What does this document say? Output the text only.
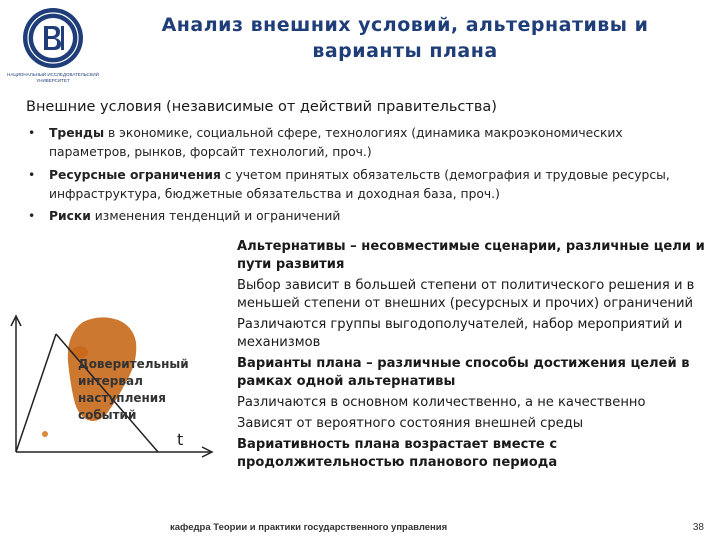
НАЦИОНАЛЬНЫЙ ИССЛЕДОВАТЕЛЬСКИЙ
УНИВЕРСИТЕТ
Анализ внешних условий, альтернативы и варианты плана
Внешние условия (независимые от действий правительства)
• Тренды в экономике, социальной сфере, технологиях (динамика макроэкономических параметров, рынков, форсайт технологий, проч.)
• Ресурсные ограничения с учетом принятых обязательств (демография и трудовые ресурсы, инфраструктура, бюджетные обязательства и доходная база, проч.)
• Риски изменения тенденций и ограничений
Доверительный интервал наступления событий
t

Альтернативы – несовместимые сценарии, различные цели и пути развития

Выбор зависит в большей степени от политического решения и в меньшей степени от внешних (ресурсных и прочих) ограничений

Различаются группы выгодополучателей, набор мероприятий и механизмов

Варианты плана – различные способы достижения целей в рамках одной альтернативы

Различаются в основном количественно, а не качественно

Зависят от вероятного состояния внешней среды

Вариативность плана возрастает вместе с продолжительностью планового периода

кафедра Теории и практики государственного управления	38
